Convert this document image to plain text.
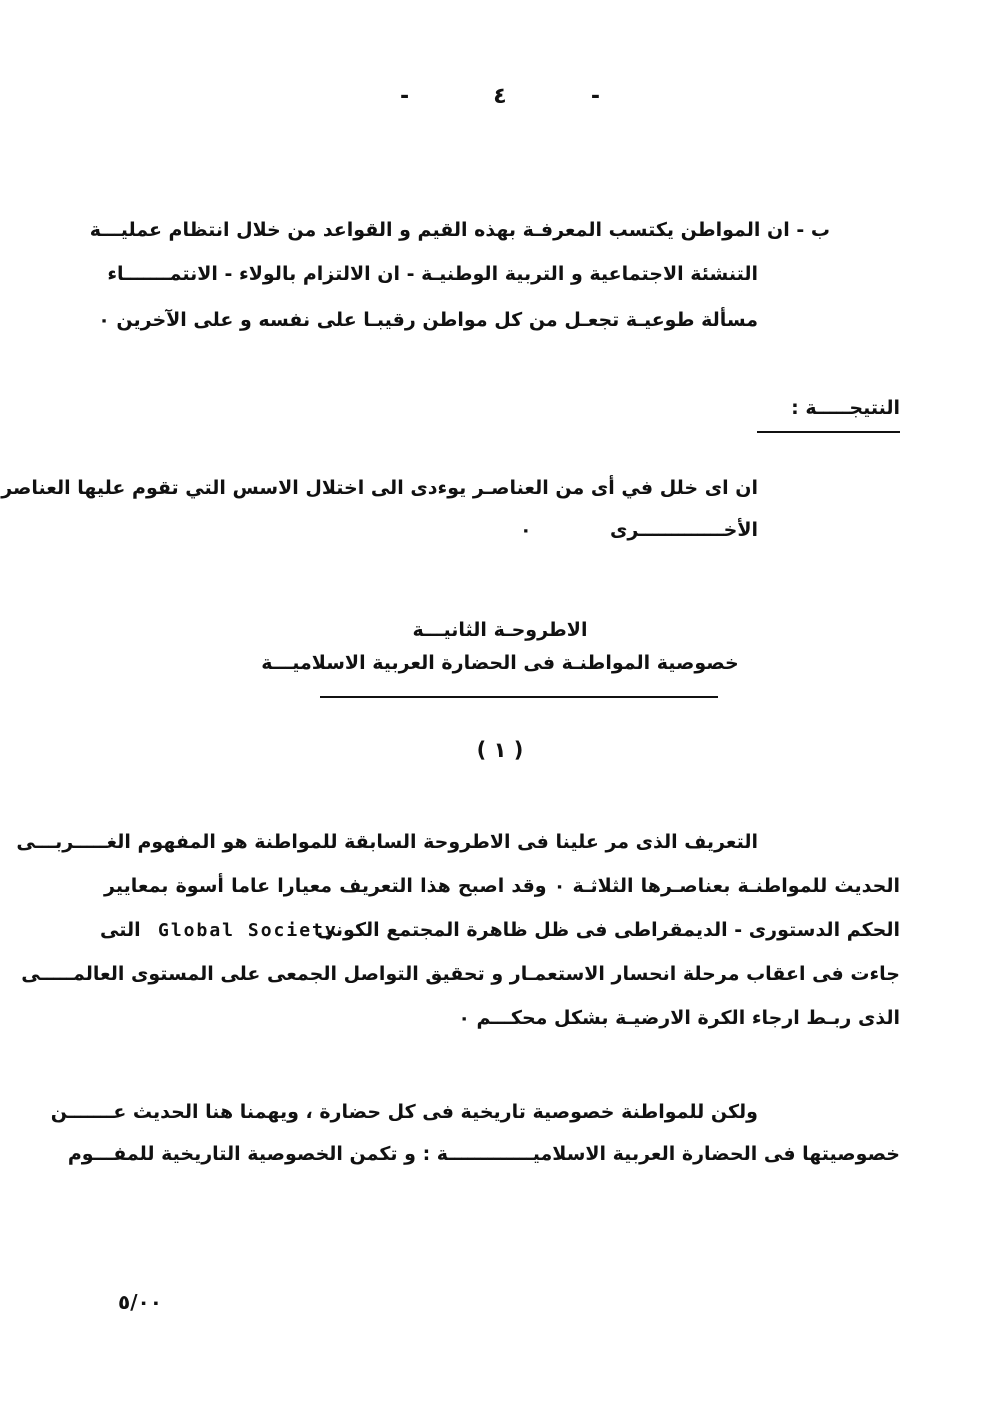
-	٤	-
ب - ان المواطن يكتسب المعرفـة بهذه القيم و القواعد من خلال انتظام عمليـــة
التنشئة الاجتماعية و التربية الوطنيـة - ان الالتزام بالولاء - الانتمـــــــاء
مسألة طوعيـة تجعـل من كل مواطن رقيبـا على نفسه و على الآخرين ٠
النتيجـــــة :
ان اى خلل في أى من العناصـر يوءدى الى اختلال الاسس التي تقوم عليها العناصر
الأخـــــــــــــرى ٠
الاطروحـة الثانيـــة
خصوصية المواطنـة فى الحضارة العربية الاسلاميـــة
( ١ )
التعريف الذى مر علينا فى الاطروحة السابقة للمواطنة هو المفهوم الغـــــربـــى
الحديث للمواطنـة بعناصـرها الثلاثـة ٠ وقد اصبح هذا التعريف معيارا عاما أسوة بمعايير
الحكم الدستورى - الديمقراطى فى ظل ظاهرة المجتمع الكونى
Global Society
التى
جاءت فى اعقاب مرحلة انحسار الاستعمـار و تحقيق التواصل الجمعى على المستوى العالمـــــى
الذى ربـط ارجاء الكرة الارضيـة بشكل محكـــم ٠
ولكن للمواطنة خصوصية تاريخية فى كل حضارة ، ويهمنا هنا الحديث عـــــــن
خصوصيتها فى الحضارة العربية الاسلاميـــــــــــــة : و تكمن الخصوصية التاريخية للمفـــوم
٥/٠٠
